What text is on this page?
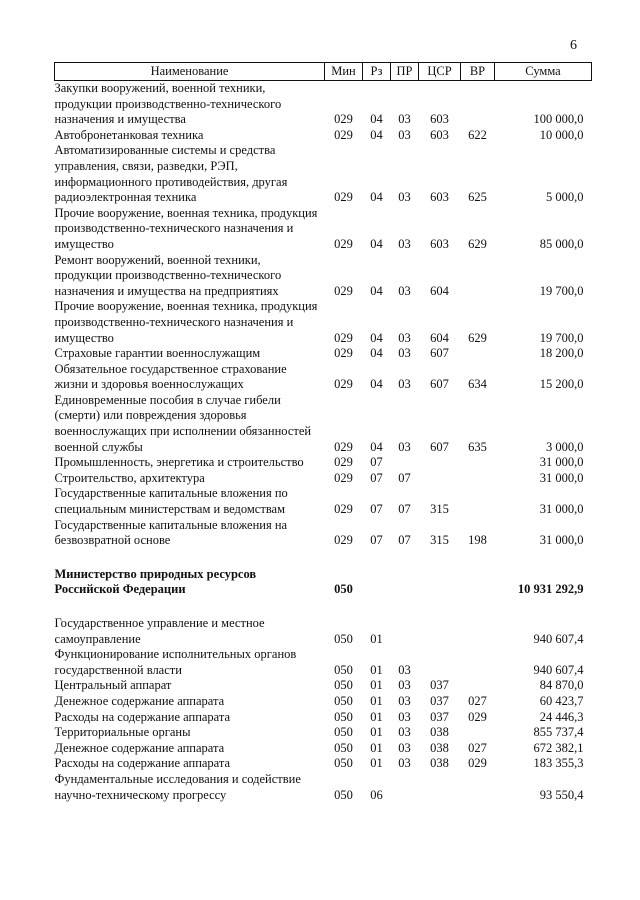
6
Наименование	Мин	Рз	ПР	ЦСР	ВР	Сумма
Закупки вооружений, военной техники, продукции производственно-технического назначения и имущества	029	04	03	603		100 000,0
Автобронетанковая техника	029	04	03	603	622	10 000,0
Автоматизированные системы и средства управления, связи, разведки, РЭП, информационного противодействия, другая радиоэлектронная техника	029	04	03	603	625	5 000,0
Прочие вооружение, военная техника, продукция производственно-технического назначения и имущество	029	04	03	603	629	85 000,0
Ремонт вооружений, военной техники, продукции производственно-технического назначения и имущества на предприятиях	029	04	03	604		19 700,0
Прочие вооружение, военная техника, продукция производственно-технического назначения и имущество	029	04	03	604	629	19 700,0
Страховые гарантии военнослужащим	029	04	03	607		18 200,0
Обязательное государственное страхование жизни и здоровья военнослужащих	029	04	03	607	634	15 200,0
Единовременные пособия в случае гибели (смерти) или повреждения здоровья военнослужащих при исполнении обязанностей военной службы	029	04	03	607	635	3 000,0
Промышленность, энергетика и строительство	029	07				31 000,0
Строительство, архитектура	029	07	07			31 000,0
Государственные капитальные вложения по специальным министерствам и ведомствам	029	07	07	315		31 000,0
Государственные капитальные вложения на безвозвратной основе	029	07	07	315	198	31 000,0
Министерство природных ресурсов Российской Федерации	050					10 931 292,9
Государственное управление и местное самоуправление	050	01				940 607,4
Функционирование исполнительных органов государственной власти	050	01	03			940 607,4
Центральный аппарат	050	01	03	037		84 870,0
Денежное содержание аппарата	050	01	03	037	027	60 423,7
Расходы на содержание аппарата	050	01	03	037	029	24 446,3
Территориальные органы	050	01	03	038		855 737,4
Денежное содержание аппарата	050	01	03	038	027	672 382,1
Расходы на содержание аппарата	050	01	03	038	029	183 355,3
Фундаментальные исследования и содействие научно-техническому прогрессу	050	06				93 550,4
